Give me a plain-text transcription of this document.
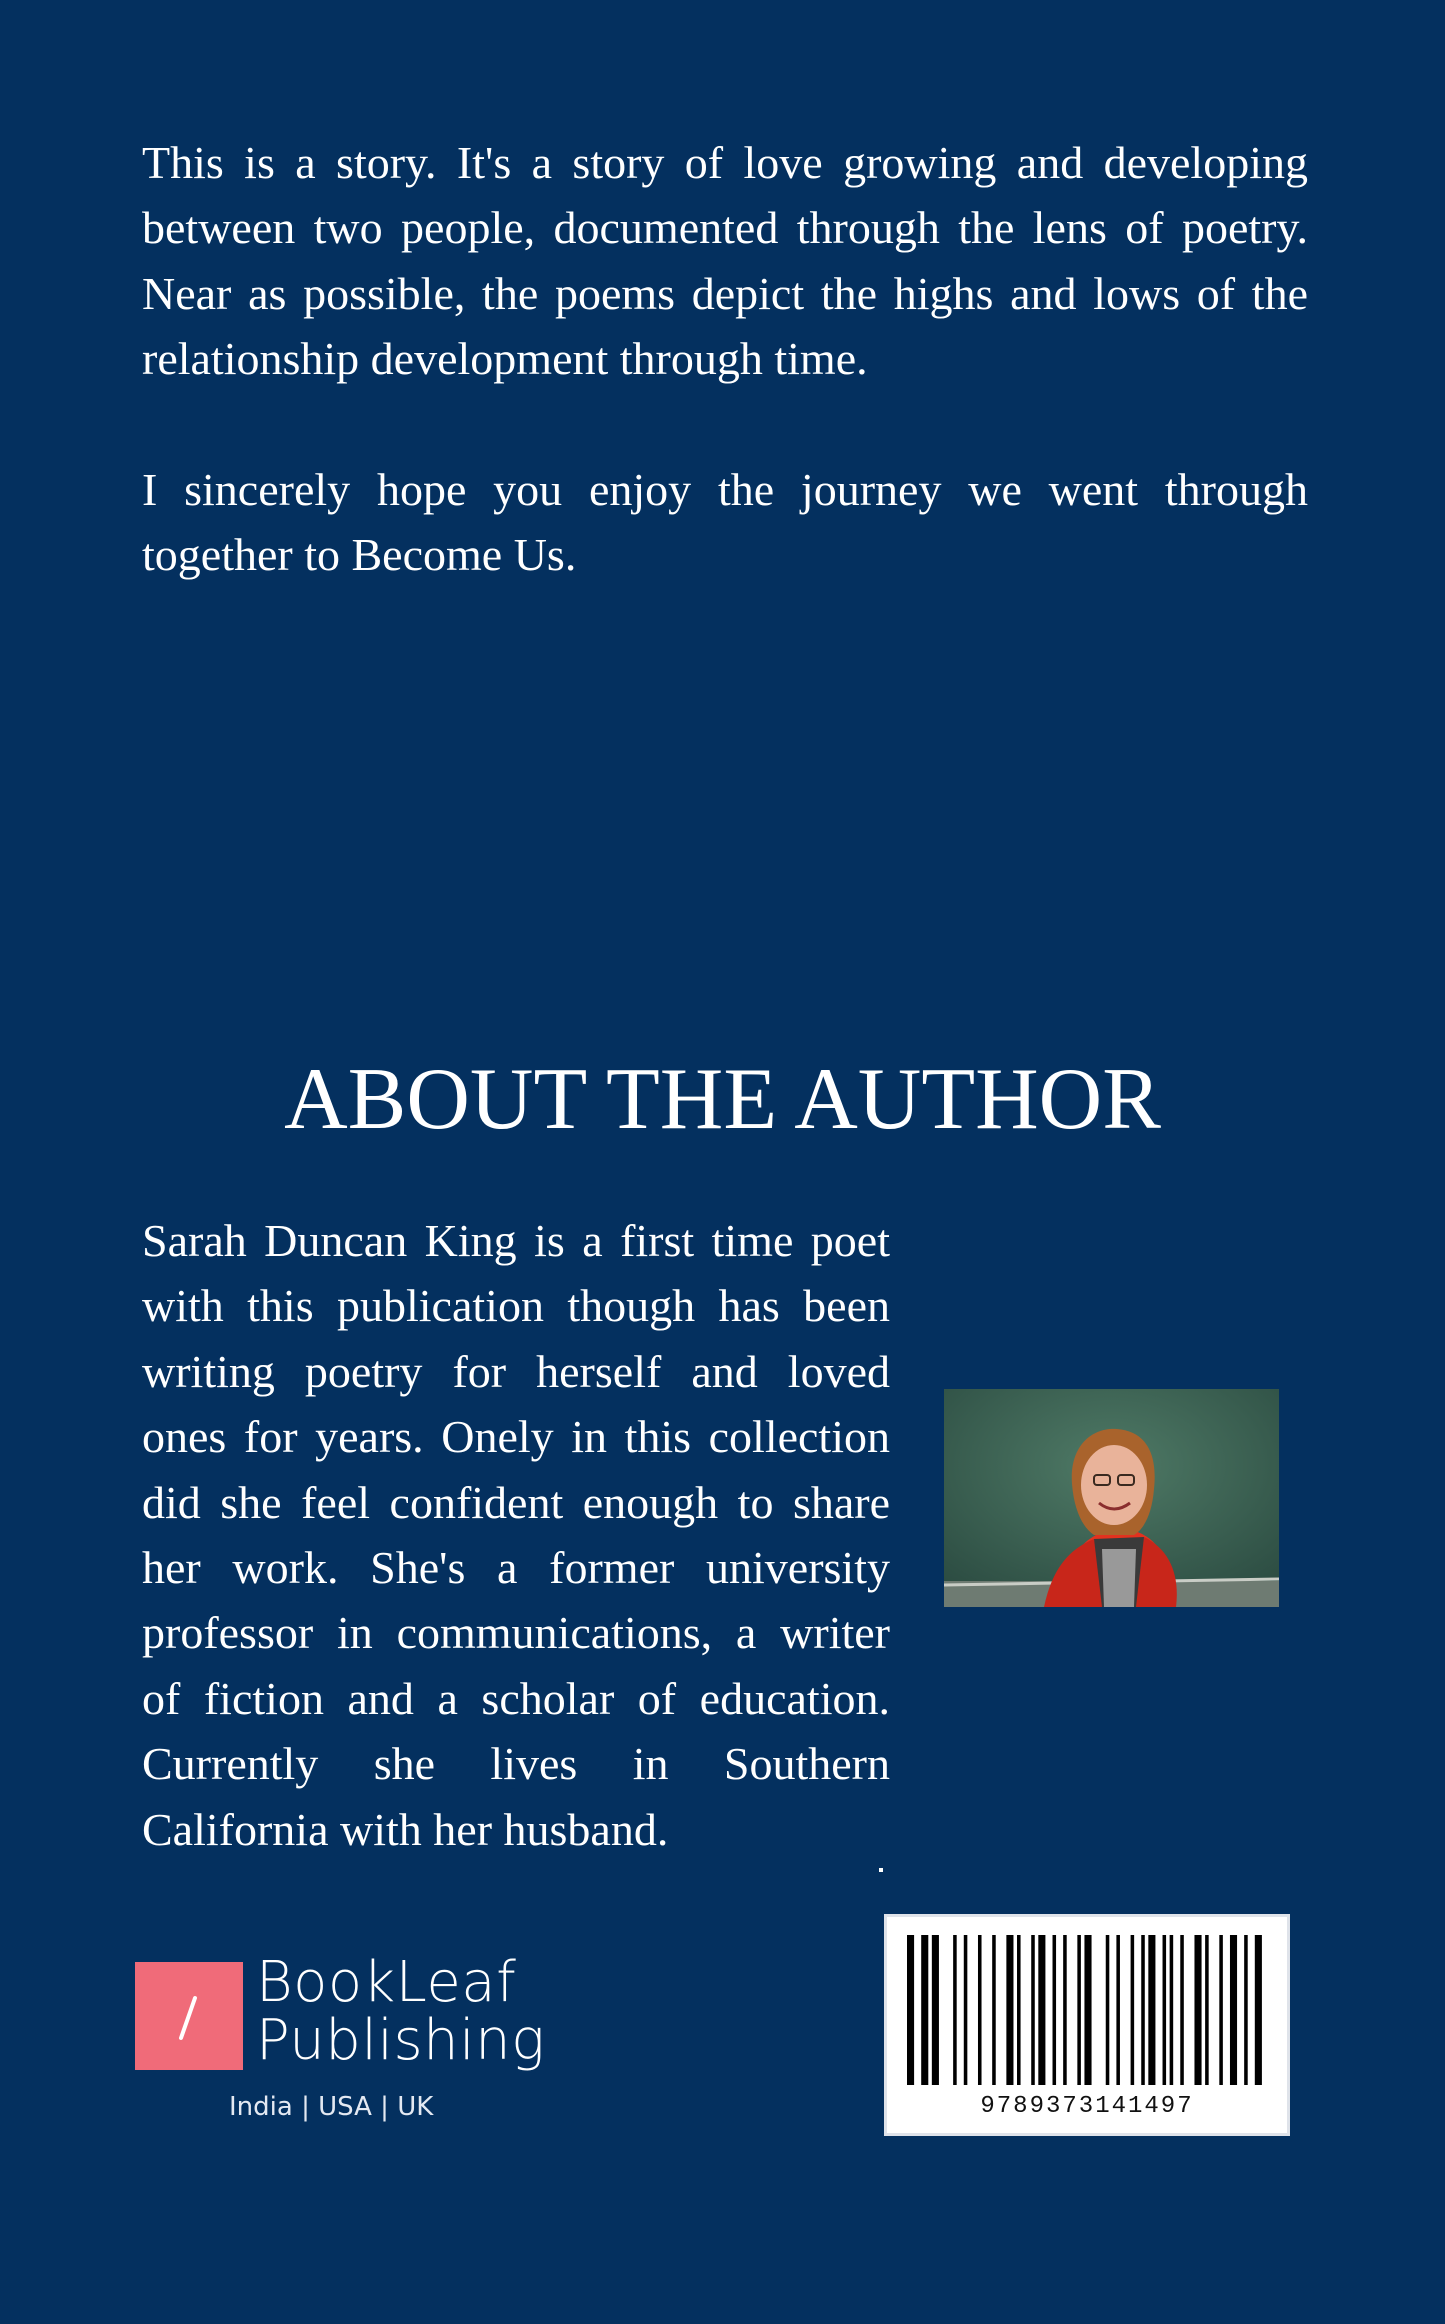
This is a story. It's a story of love growing and developing between two people, documented through the lens of poetry. Near as possible, the poems depict the highs and lows of the relationship development through time.

I sincerely hope you enjoy the journey we went through together to Become Us.

ABOUT THE AUTHOR

Sarah Duncan King is a first time poet with this publication though has been writing poetry for herself and loved ones for years. Onely in this collection did she feel confident enough to share her work. She's a former university professor in communications, a writer of fiction and a scholar of education. Currently she lives in Southern California with her husband.

9789373141497
BookLeaf
Publishing
India | USA | UK
